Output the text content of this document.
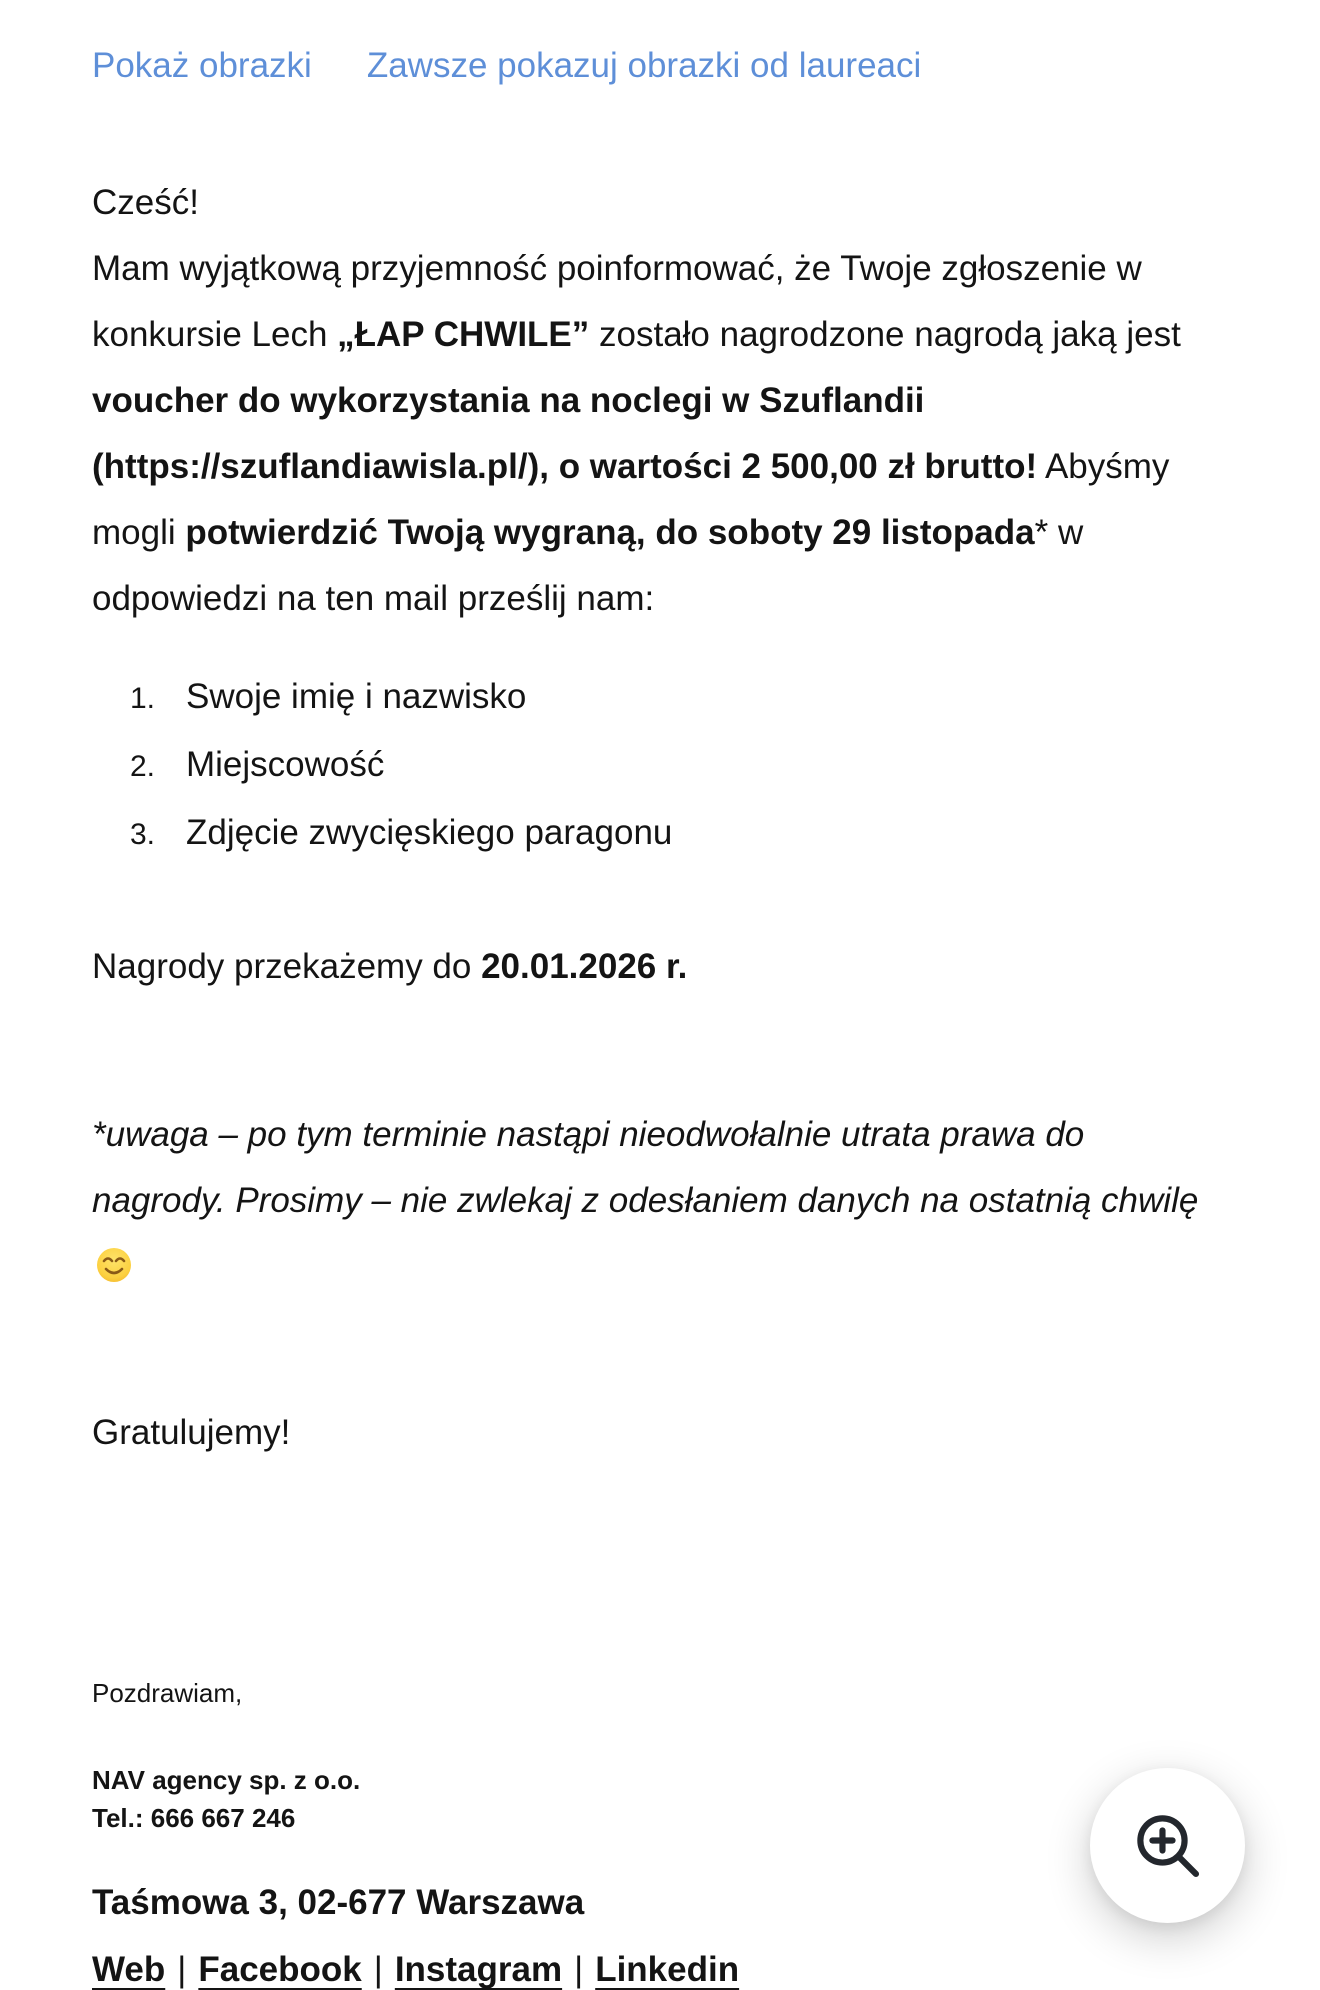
Pokaż obrazki Zawsze pokazuj obrazki od laureaci
Cześć!
Mam wyjątkową przyjemność poinformować, że Twoje zgłoszenie w konkursie Lech „ŁAP CHWILE” zostało nagrodzone nagrodą jaką jest voucher do wykorzystania na noclegi w Szuflandii (https://szuflandiawisla.pl/), o wartości 2 500,00 zł brutto! Abyśmy mogli potwierdzić Twoją wygraną, do soboty 29 listopada* w odpowiedzi na ten mail prześlij nam:
1. Swoje imię i nazwisko
2. Miejscowość
3. Zdjęcie zwycięskiego paragonu
Nagrody przekażemy do 20.01.2026 r.
*uwaga – po tym terminie nastąpi nieodwołalnie utrata prawa do nagrody. Prosimy – nie zwlekaj z odesłaniem danych na ostatnią chwilę
Gratulujemy!
Pozdrawiam,
NAV agency sp. z o.o.
Tel.: 666 667 246
Taśmowa 3, 02-677 Warszawa
Web | Facebook | Instagram | Linkedin
